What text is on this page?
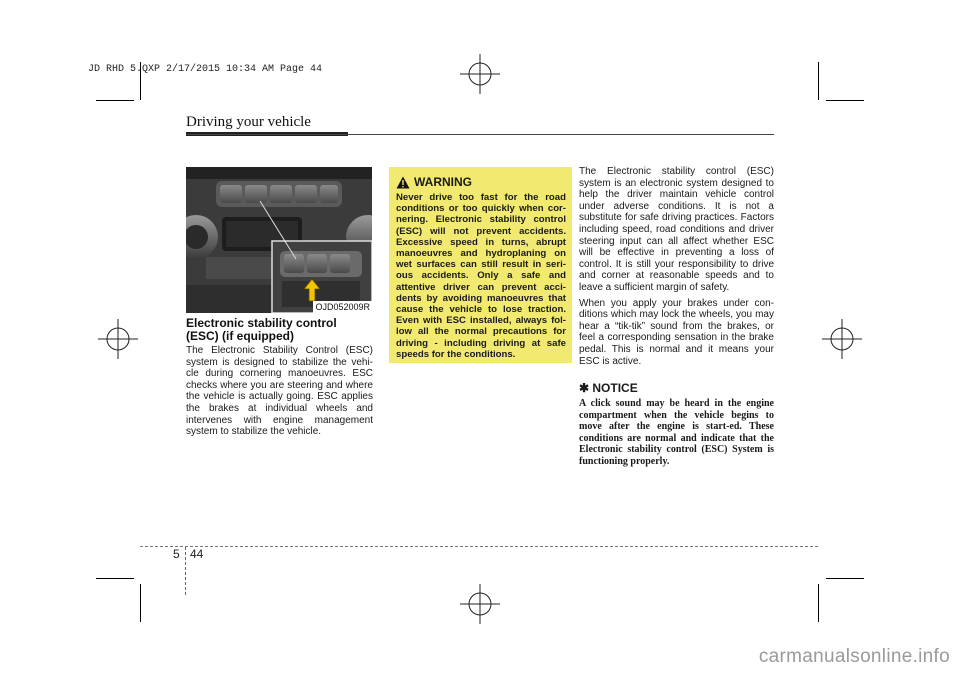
JD RHD 5.QXP 2/17/2015 10:34 AM Page 44
Driving your vehicle
OJD052009R
Electronic stability control (ESC) (if equipped)
The Electronic Stability Control (ESC) system is designed to stabilize the vehi-cle during cornering manoeuvres. ESC checks where you are steering and where the vehicle is actually going. ESC applies the brakes at individual wheels and intervenes with engine management system to stabilize the vehicle.
WARNING
Never drive too fast for the road conditions or too quickly when cor-nering. Electronic stability control (ESC) will not prevent accidents. Excessive speed in turns, abrupt manoeuvres and hydroplaning on wet surfaces can still result in seri-ous accidents. Only a safe and attentive driver can prevent acci-dents by avoiding manoeuvres that cause the vehicle to lose traction. Even with ESC installed, always fol-low all the normal precautions for driving - including driving at safe speeds for the conditions.

The Electronic stability control (ESC) system is an electronic system designed to help the driver maintain vehicle control under adverse conditions. It is not a substitute for safe driving practices. Factors including speed, road conditions and driver steering input can all affect whether ESC will be effective in preventing a loss of control. It is still your responsibility to drive and corner at reasonable speeds and to leave a sufficient margin of safety.

When you apply your brakes under con-ditions which may lock the wheels, you may hear a “tik-tik” sound from the brakes, or feel a corresponding sensation in the brake pedal. This is normal and it means your ESC is active.

✱ NOTICE
A click sound may be heard in the engine compartment when the vehicle begins to move after the engine is start-ed. These conditions are normal and indicate that the Electronic stability control (ESC) System is functioning properly.
5 44
carmanualsonline.info
